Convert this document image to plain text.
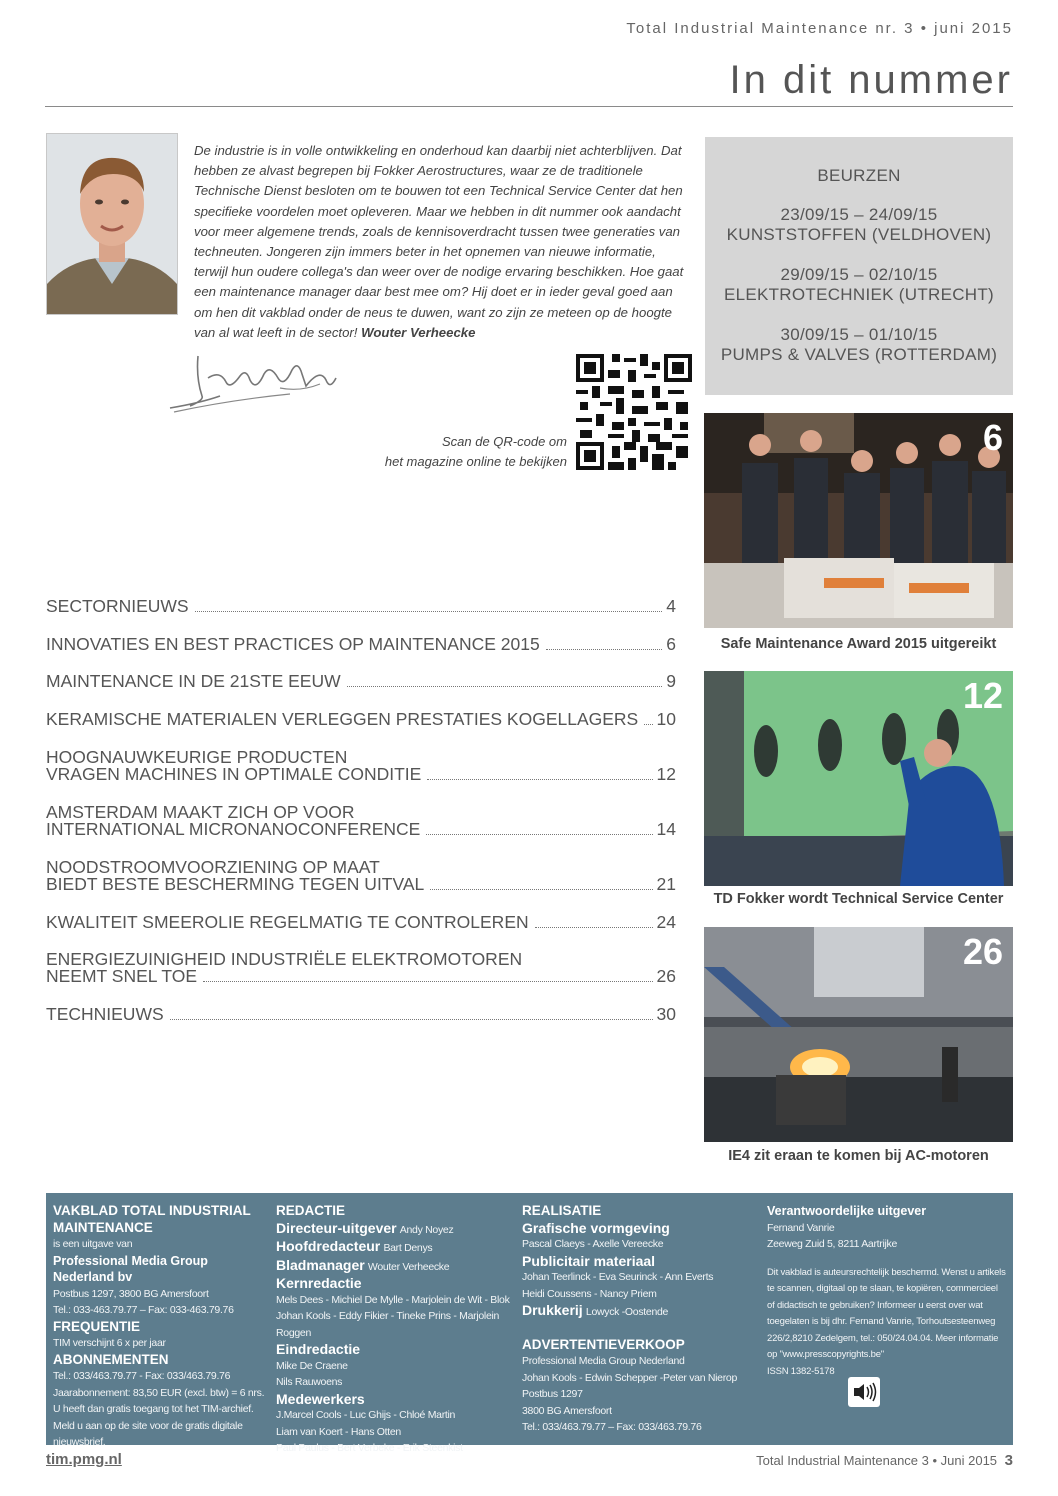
Total Industrial Maintenance nr. 3 • juni 2015
In dit nummer
De industrie is in volle ontwikkeling en onderhoud kan daarbij niet achterblijven. Dat hebben ze alvast begrepen bij Fokker Aerostructures, waar ze de traditionele Technische Dienst besloten om te bouwen tot een Technical Service Center dat hen specifieke voordelen moet opleveren. Maar we hebben in dit nummer ook aandacht voor meer algemene trends, zoals de kennisoverdracht tussen twee generaties van techneuten. Jongeren zijn immers beter in het opnemen van nieuwe informatie, terwijl hun oudere collega's dan weer over de nodige ervaring beschikken. Hoe gaat een maintenance manager daar best mee om? Hij doet er in ieder geval goed aan om hen dit vakblad onder de neus te duwen, want zo zijn ze meteen op de hoogte van al wat leeft in de sector! Wouter Verheecke
Scan de QR-code om
het magazine online te bekijken
BEURZEN
23/09/15 – 24/09/15
KUNSTSTOFFEN (VELDHOVEN)
29/09/15 – 02/10/15
ELEKTROTECHNIEK (UTRECHT)
30/09/15 – 01/10/15
PUMPS & VALVES (ROTTERDAM)
6
Safe Maintenance Award 2015 uitgereikt
12
TD Fokker wordt Technical Service Center
26
IE4 zit eraan te komen bij AC-motoren
SECTORNIEUWS	4
INNOVATIES EN BEST PRACTICES OP MAINTENANCE 2015	6
MAINTENANCE IN DE 21STE EEUW	9
KERAMISCHE MATERIALEN VERLEGGEN PRESTATIES KOGELLAGERS 10
HOOGNAUWKEURIGE PRODUCTEN
VRAGEN MACHINES IN OPTIMALE CONDITIE	12
AMSTERDAM MAAKT ZICH OP VOOR
INTERNATIONAL MICRONANOCONFERENCE	14
NOODSTROOMVOORZIENING OP MAAT
BIEDT BESTE BESCHERMING TEGEN UITVAL	21
KWALITEIT SMEEROLIE REGELMATIG TE CONTROLEREN	24
ENERGIEZUINIGHEID INDUSTRIËLE ELEKTROMOTOREN
NEEMT SNEL TOE	26
TECHNIEUWS	30
VAKBLAD TOTAL INDUSTRIAL MAINTENANCE
is een uitgave van
Professional Media Group Nederland bv
Postbus 1297, 3800 BG Amersfoort
Tel.: 033-463.79.77 – Fax: 033-463.79.76
FREQUENTIE
TIM verschijnt 6 x per jaar
ABONNEMENTEN
Tel.: 033/463.79.77 - Fax: 033/463.79.76
Jaarabonnement: 83,50 EUR (excl. btw) = 6 nrs.
U heeft dan gratis toegang tot het TIM-archief. Meld u aan op de site voor de gratis digitale nieuwsbrief.
REDACTIE
Directeur-uitgever Andy Noyez
Hoofdredacteur Bart Denys
Bladmanager Wouter Verheecke
Kernredactie
Mels Dees - Michiel De Mylle - Marjolein de Wit - Blok
Johan Kools - Eddy Fikier - Tineke Prins - Marjolein Roggen
Eindredactie
Mike De Craene
Nils Rauwoens
Medewerkers
J.Marcel Cools - Luc Ghijs - Chloé Martin
Liam van Koert - Hans Otten
Paul Paulus - Bert Verbeke - Erik Steenkist
REALISATIE
Grafische vormgeving
Pascal Claeys - Axelle Vereecke
Publicitair materiaal
Johan Teerlinck - Eva Seurinck - Ann Everts
Heidi Coussens - Nancy Priem
Drukkerij Lowyck -Oostende
ADVERTENTIEVERKOOP
Professional Media Group Nederland
Johan Kools - Edwin Schepper -Peter van Nierop
Postbus 1297
3800 BG Amersfoort
Tel.: 033/463.79.77 – Fax: 033/463.79.76
Verantwoordelijke uitgever
Fernand Vanrie
Zeeweg Zuid 5, 8211 Aartrijke
Dit vakblad is auteursrechtelijk beschermd. Wenst u artikels te scannen, digitaal op te slaan, te kopiëren, commercieel of didactisch te gebruiken? Informeer u eerst over wat toegelaten is bij dhr. Fernand Vanrie, Torhoutsesteenweg 226/2,8210 Zedelgem, tel.: 050/24.04.04. Meer informatie op "www.presscopyrights.be"
ISSN 1382-5178
tim.pmg.nl	Total Industrial Maintenance 3 • Juni 2015 3
